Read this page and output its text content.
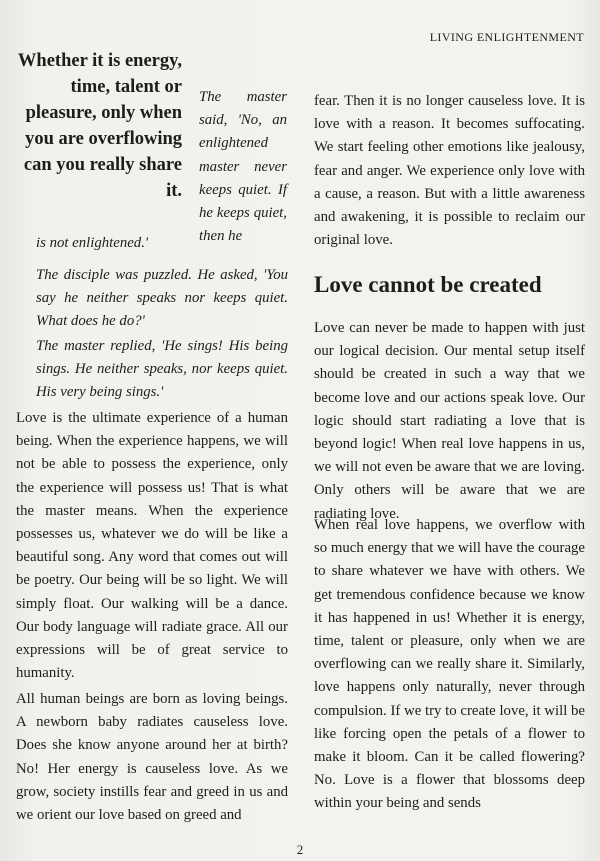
LIVING ENLIGHTENMENT
Whether it is energy, time, talent or pleasure, only when you are overflowing can you really share it.

The master said, 'No, an enlightened master never keeps quiet. If he keeps quiet, then he

is not enlightened.'

The disciple was puzzled. He asked, 'You say he neither speaks nor keeps quiet. What does he do?'

The master replied, 'He sings! His being sings. He neither speaks, nor keeps quiet. His very being sings.'

Love is the ultimate experience of a human being. When the experience happens, we will not be able to possess the experience, only the experience will possess us! That is what the master means. When the experience possesses us, whatever we do will be like a beautiful song. Any word that comes out will be poetry. Our being will be so light. We will simply float. Our walking will be a dance. Our body language will radiate grace. All our expressions will be of great service to humanity.

All human beings are born as loving beings. A newborn baby radiates causeless love. Does she know anyone around her at birth? No! Her energy is causeless love. As we grow, society instills fear and greed in us and we orient our love based on greed and

fear. Then it is no longer causeless love. It is love with a reason. It becomes suffocating. We start feeling other emotions like jealousy, fear and anger. We experience only love with a cause, a reason. But with a little awareness and awakening, it is possible to reclaim our original love.

Love cannot be created

Love can never be made to happen with just our logical decision. Our mental setup itself should be created in such a way that we become love and our actions speak love. Our logic should start radiating a love that is beyond logic! When real love happens in us, we will not even be aware that we are loving. Only others will be aware that we are radiating love.

When real love happens, we overflow with so much energy that we will have the courage to share whatever we have with others. We get tremendous confidence because we know it has happened in us! Whether it is energy, time, talent or pleasure, only when we are overflowing can we really share it. Similarly, love happens only naturally, never through compulsion. If we try to create love, it will be like forcing open the petals of a flower to make it bloom. Can it be called flowering? No. Love is a flower that blossoms deep within your being and sends

2
